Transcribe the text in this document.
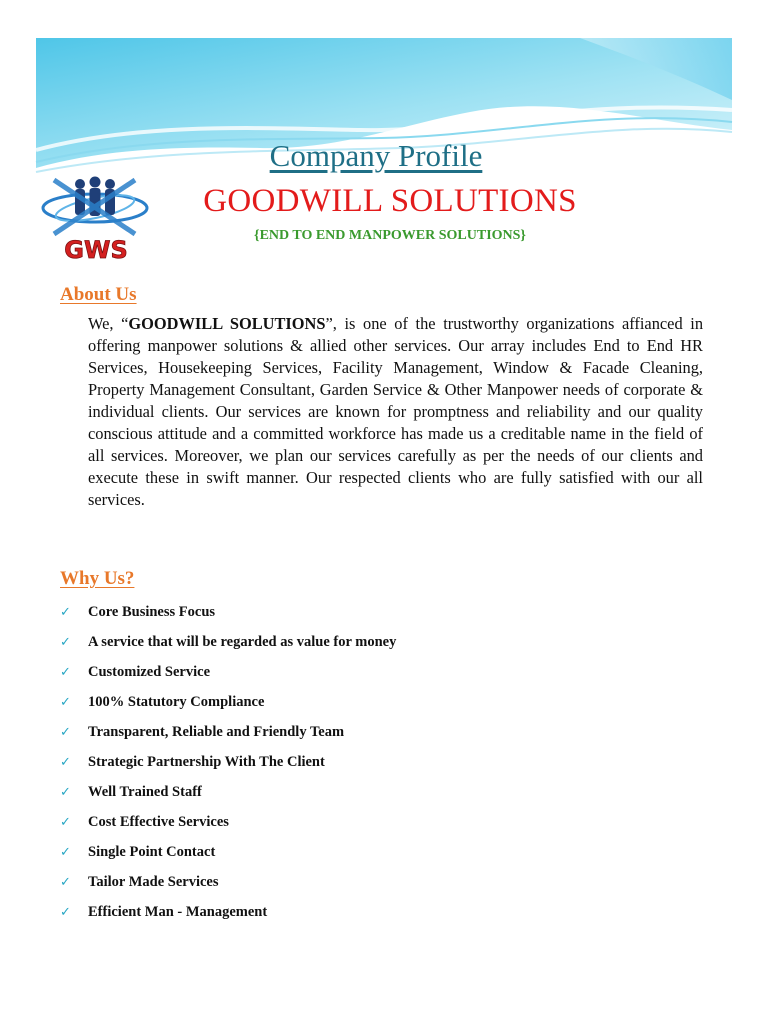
GWS
Company Profile
GOODWILL SOLUTIONS
{END TO END MANPOWER SOLUTIONS}
About Us
We, “GOODWILL SOLUTIONS”, is one of the trustworthy organizations affianced in offering manpower solutions & allied other services. Our array includes End to End HR Services, Housekeeping Services, Facility Management, Window & Facade Cleaning, Property Management Consultant, Garden Service & Other Manpower needs of corporate & individual clients. Our services are known for promptness and reliability and our quality conscious attitude and a committed workforce has made us a creditable name in the field of all services. Moreover, we plan our services carefully as per the needs of our clients and execute these in swift manner. Our respected clients who are fully satisfied with our all services.
Why Us?
✓	Core Business Focus
✓	A service that will be regarded as value for money
✓	Customized Service
✓	100% Statutory Compliance
✓	Transparent, Reliable and Friendly Team
✓	Strategic Partnership With The Client
✓	Well Trained Staff
✓	Cost Effective Services
✓	Single Point Contact
✓	Tailor Made Services
✓	Efficient Man - Management
